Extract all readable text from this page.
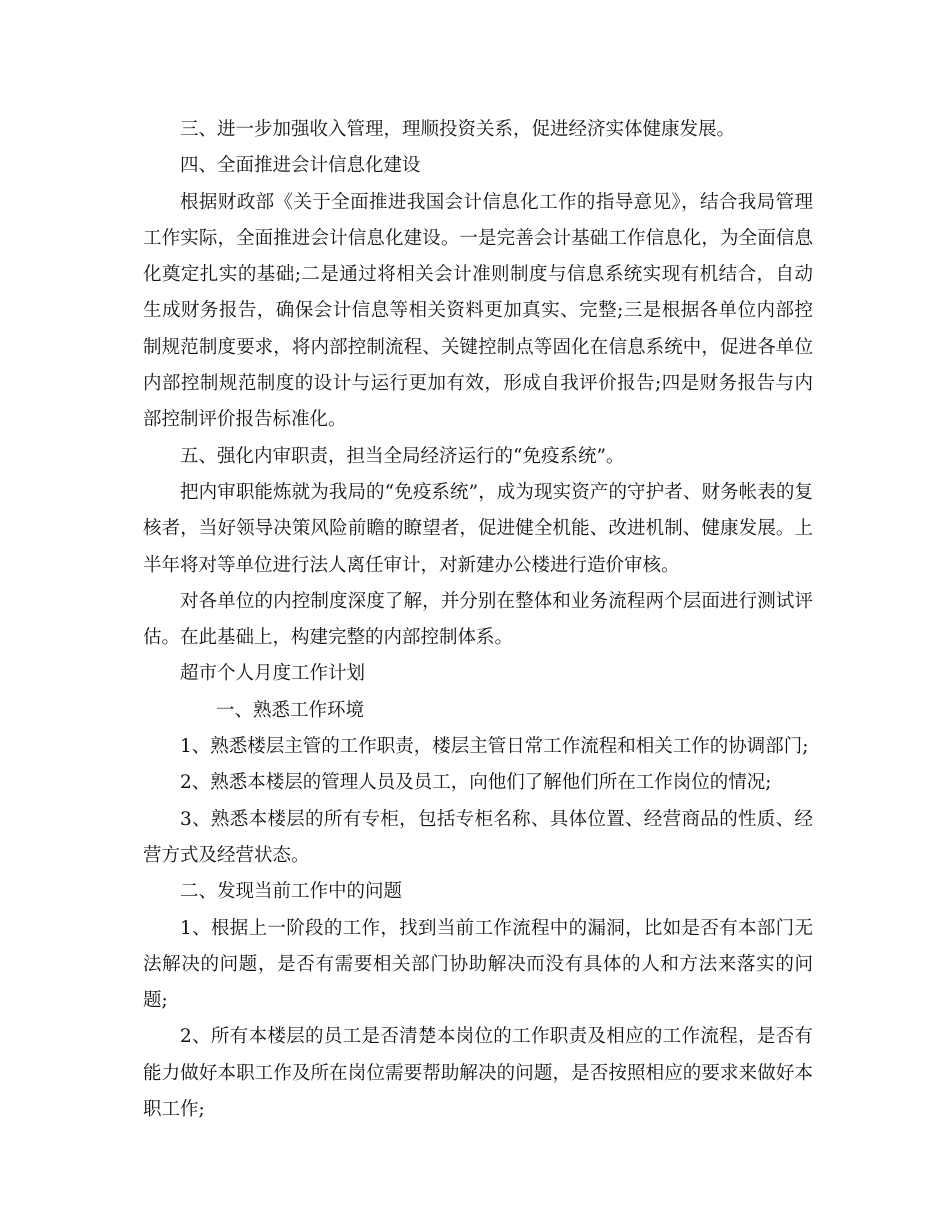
三、进一步加强收入管理，理顺投资关系，促进经济实体健康发展。

四、全面推进会计信息化建设

根据财政部《关于全面推进我国会计信息化工作的指导意见》，结合我局管理工作实际，全面推进会计信息化建设。一是完善会计基础工作信息化，为全面信息化奠定扎实的基础;二是通过将相关会计准则制度与信息系统实现有机结合，自动生成财务报告，确保会计信息等相关资料更加真实、完整;三是根据各单位内部控制规范制度要求，将内部控制流程、关键控制点等固化在信息系统中，促进各单位内部控制规范制度的设计与运行更加有效，形成自我评价报告;四是财务报告与内部控制评价报告标准化。

五、强化内审职责，担当全局经济运行的“免疫系统”。

把内审职能炼就为我局的“免疫系统”，成为现实资产的守护者、财务帐表的复核者，当好领导决策风险前瞻的瞭望者，促进健全机能、改进机制、健康发展。上半年将对等单位进行法人离任审计，对新建办公楼进行造价审核。

对各单位的内控制度深度了解，并分别在整体和业务流程两个层面进行测试评估。在此基础上，构建完整的内部控制体系。

超市个人月度工作计划

一、熟悉工作环境

1、熟悉楼层主管的工作职责，楼层主管日常工作流程和相关工作的协调部门;

2、熟悉本楼层的管理人员及员工，向他们了解他们所在工作岗位的情况;

3、熟悉本楼层的所有专柜，包括专柜名称、具体位置、经营商品的性质、经营方式及经营状态。

二、发现当前工作中的问题

1、根据上一阶段的工作，找到当前工作流程中的漏洞，比如是否有本部门无法解决的问题，是否有需要相关部门协助解决而没有具体的人和方法来落实的问题;

2、所有本楼层的员工是否清楚本岗位的工作职责及相应的工作流程，是否有能力做好本职工作及所在岗位需要帮助解决的问题，是否按照相应的要求来做好本职工作;
